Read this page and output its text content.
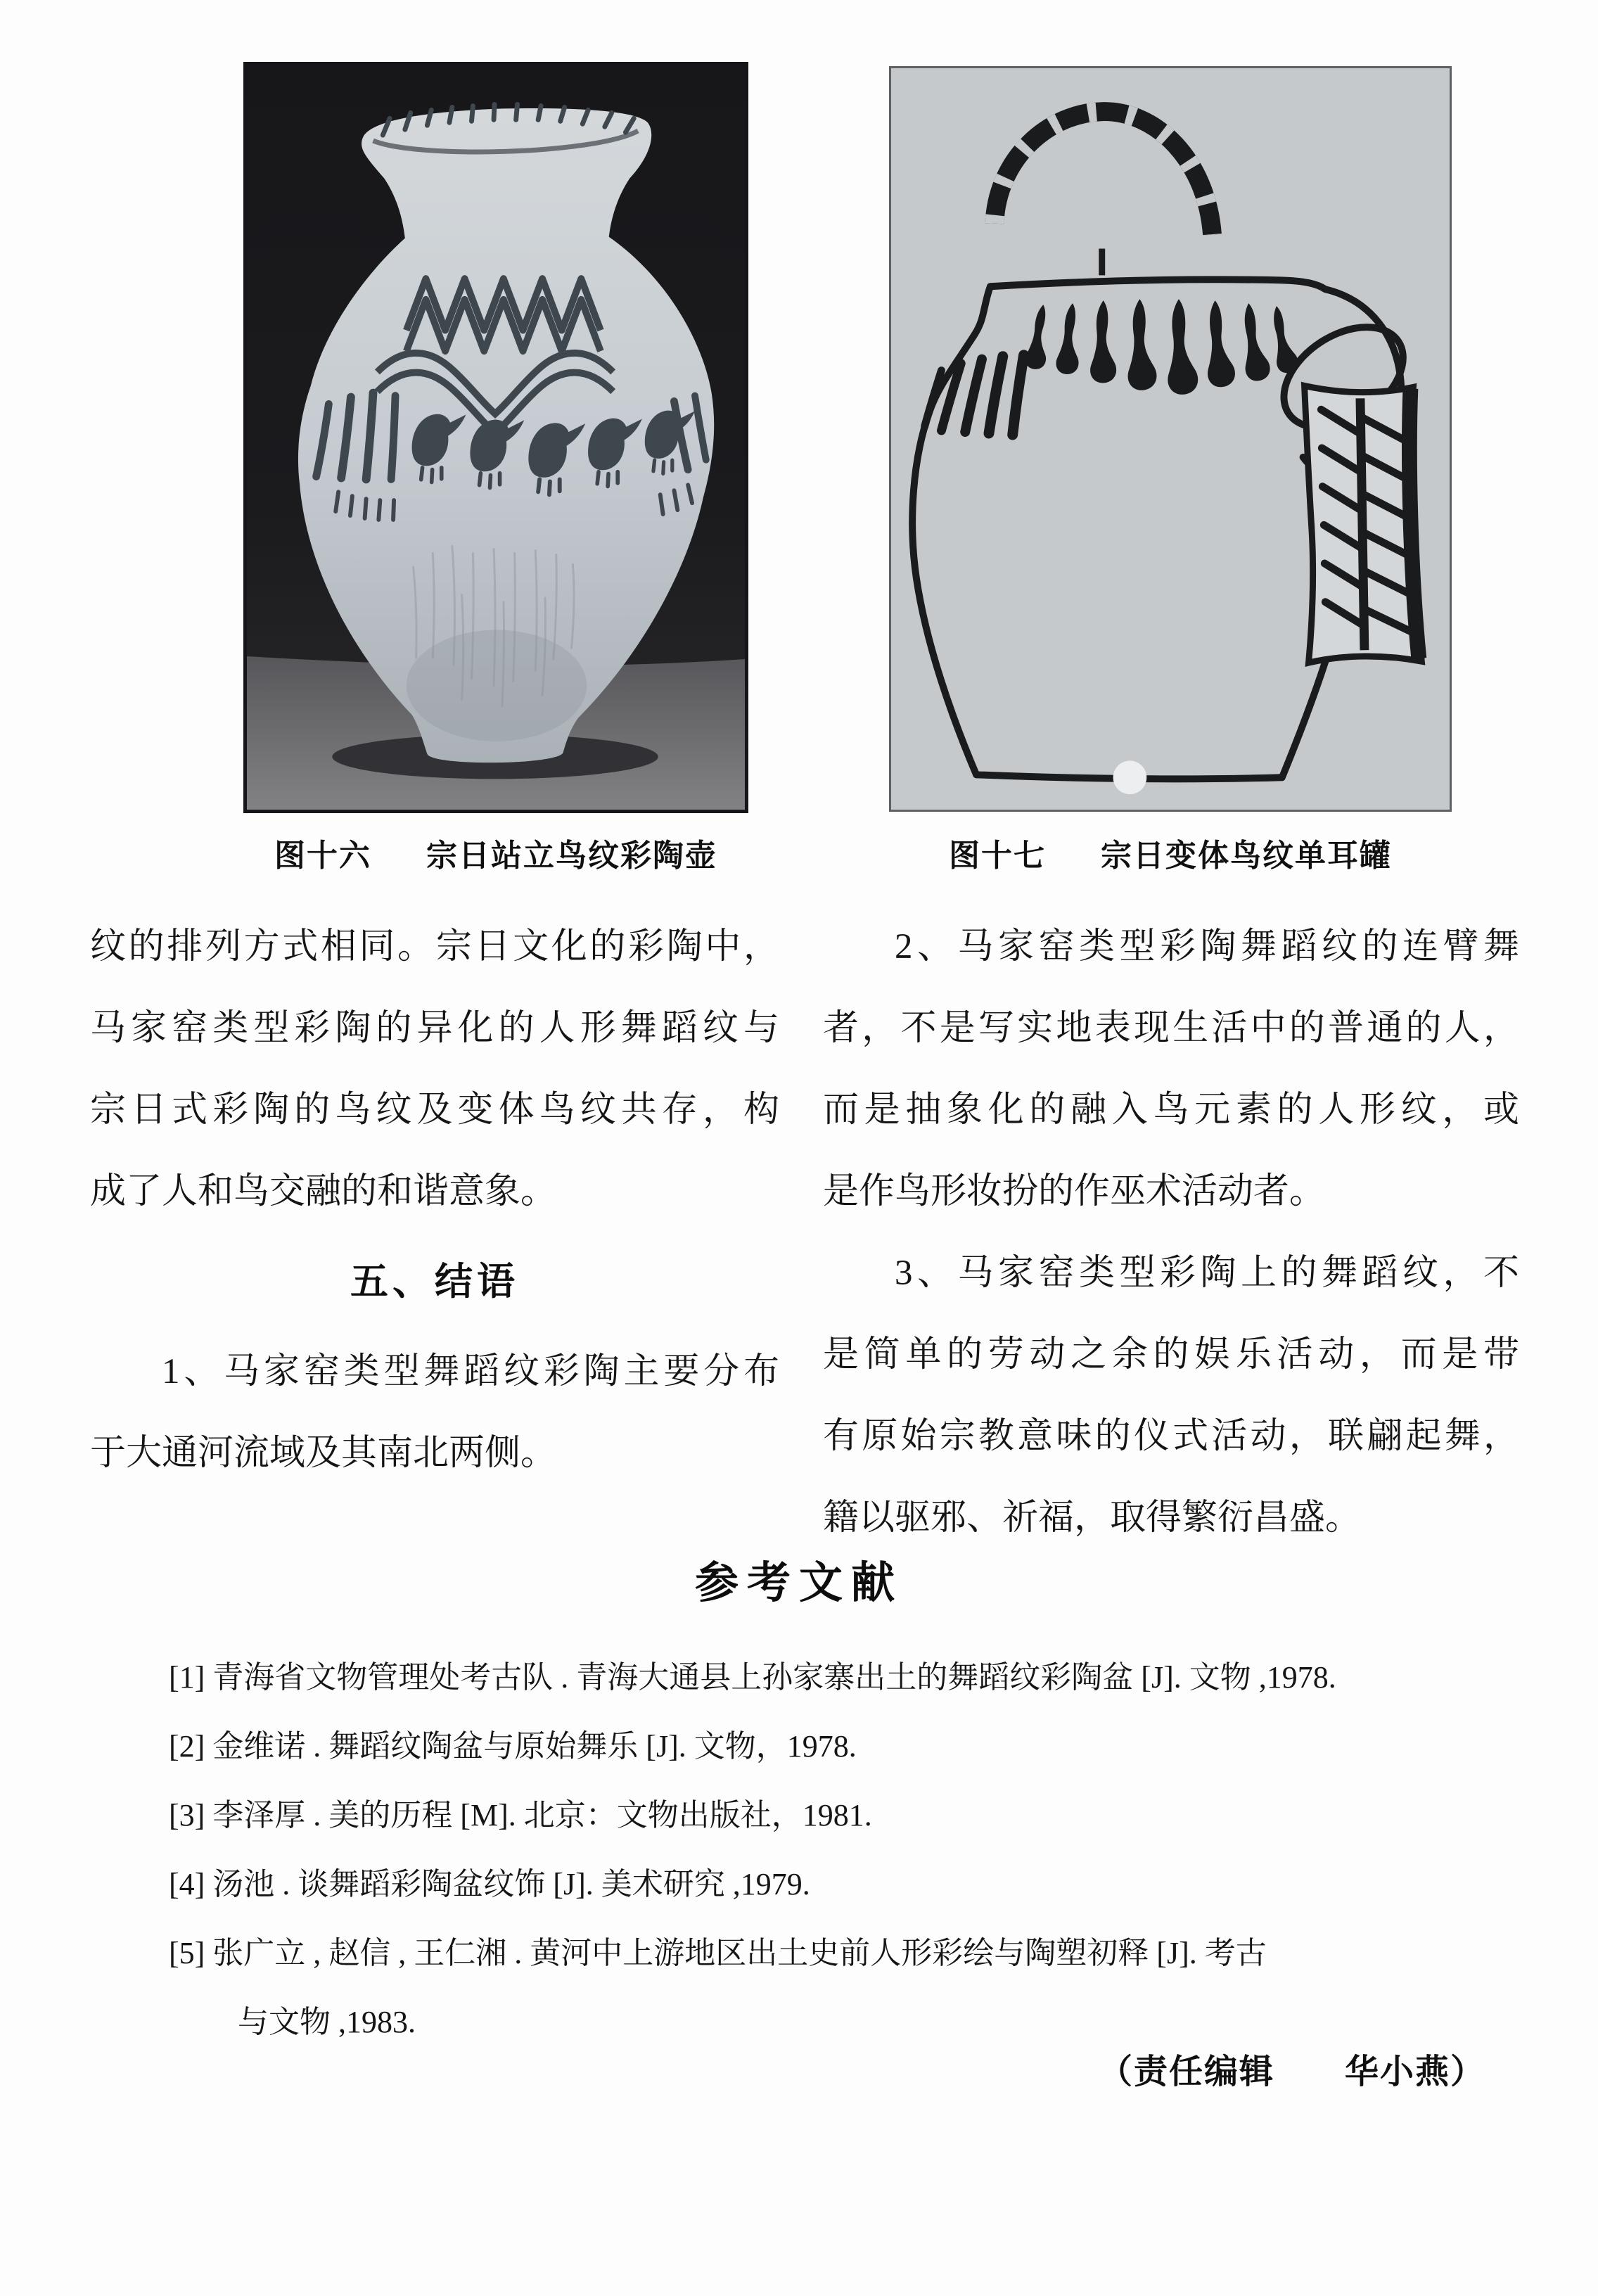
图十六 宗日站立鸟纹彩陶壶	图十七 宗日变体鸟纹单耳罐
纹的排列方式相同。宗日文化的彩陶中，
马家窑类型彩陶的异化的人形舞蹈纹与
宗日式彩陶的鸟纹及变体鸟纹共存，构
成了人和鸟交融的和谐意象。
五、结语
1、马家窑类型舞蹈纹彩陶主要分布
于大通河流域及其南北两侧。
2、马家窑类型彩陶舞蹈纹的连臂舞
者，不是写实地表现生活中的普通的人，
而是抽象化的融入鸟元素的人形纹，或
是作鸟形妆扮的作巫术活动者。
3、马家窑类型彩陶上的舞蹈纹，不
是简单的劳动之余的娱乐活动，而是带
有原始宗教意味的仪式活动，联翩起舞，
籍以驱邪、祈福，取得繁衍昌盛。
参考文献
[1] 青海省文物管理处考古队 . 青海大通县上孙家寨出土的舞蹈纹彩陶盆 [J]. 文物 ,1978.
[2] 金维诺 . 舞蹈纹陶盆与原始舞乐 [J]. 文物，1978.
[3] 李泽厚 . 美的历程 [M]. 北京：文物出版社，1981.
[4] 汤池 . 谈舞蹈彩陶盆纹饰 [J]. 美术研究 ,1979.
[5] 张广立 , 赵信 , 王仁湘 . 黄河中上游地区出土史前人形彩绘与陶塑初释 [J]. 考古
与文物 ,1983.
（责任编辑　　华小燕）
